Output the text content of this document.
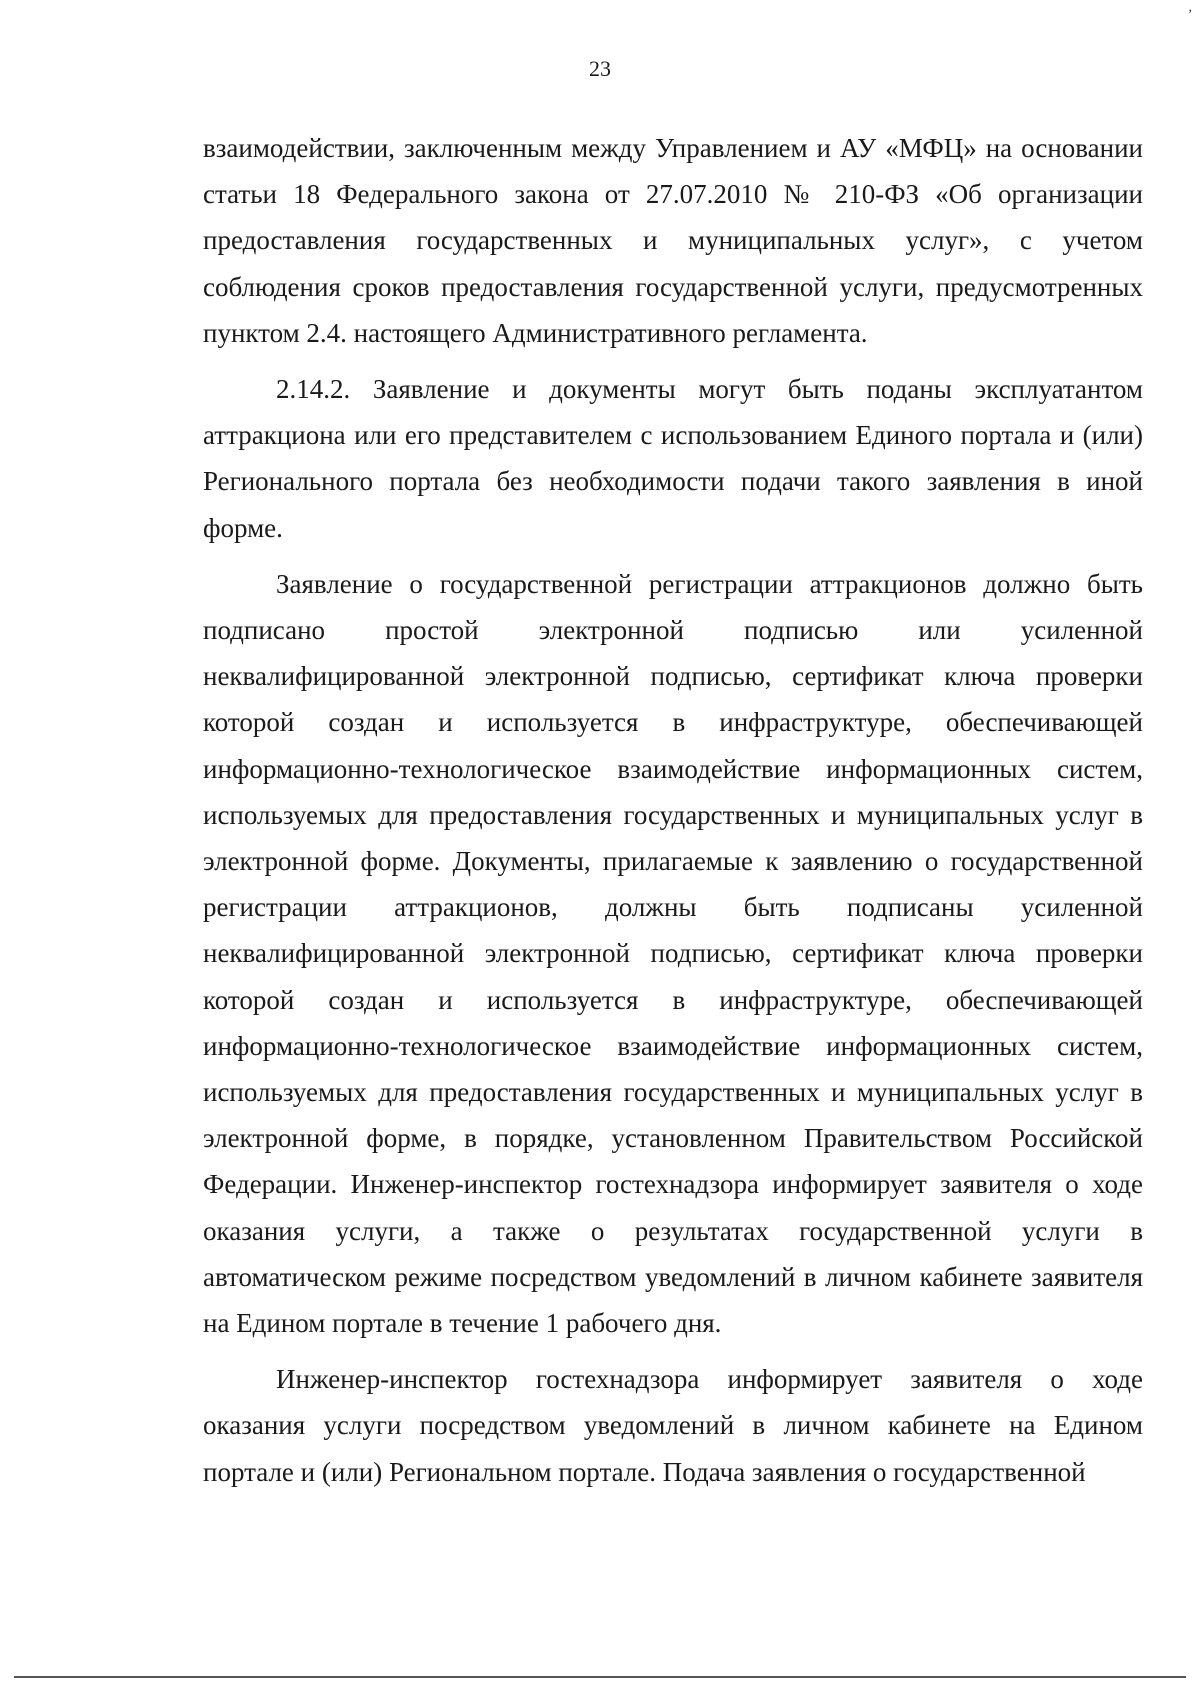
23
,

взаимодействии, заключенным между Управлением и АУ «МФЦ» на основании статьи 18 Федерального закона от 27.07.2010 № 210-ФЗ «Об организации предоставления государственных и муниципальных услуг», с учетом соблюдения сроков предоставления государственной услуги, предусмотренных пунктом 2.4. настоящего Административного регламента.

2.14.2. Заявление и документы могут быть поданы эксплуатантом аттракциона или его представителем с использованием Единого портала и (или) Регионального портала без необходимости подачи такого заявления в иной форме.

Заявление о государственной регистрации аттракционов должно быть подписано простой электронной подписью или усиленной неквалифицированной электронной подписью, сертификат ключа проверки которой создан и используется в инфраструктуре, обеспечивающей информационно-технологическое взаимодействие информационных систем, используемых для предоставления государственных и муниципальных услуг в электронной форме. Документы, прилагаемые к заявлению о государственной регистрации аттракционов, должны быть подписаны усиленной неквалифицированной электронной подписью, сертификат ключа проверки которой создан и используется в инфраструктуре, обеспечивающей информационно-технологическое взаимодействие информационных систем, используемых для предоставления государственных и муниципальных услуг в электронной форме, в порядке, установленном Правительством Российской Федерации. Инженер-инспектор гостехнадзора информирует заявителя о ходе оказания услуги, а также о результатах государственной услуги в автоматическом режиме посредством уведомлений в личном кабинете заявителя на Едином портале в течение 1 рабочего дня.

Инженер-инспектор гостехнадзора информирует заявителя о ходе оказания услуги посредством уведомлений в личном кабинете на Едином портале и (или) Региональном портале. Подача заявления о государственной
